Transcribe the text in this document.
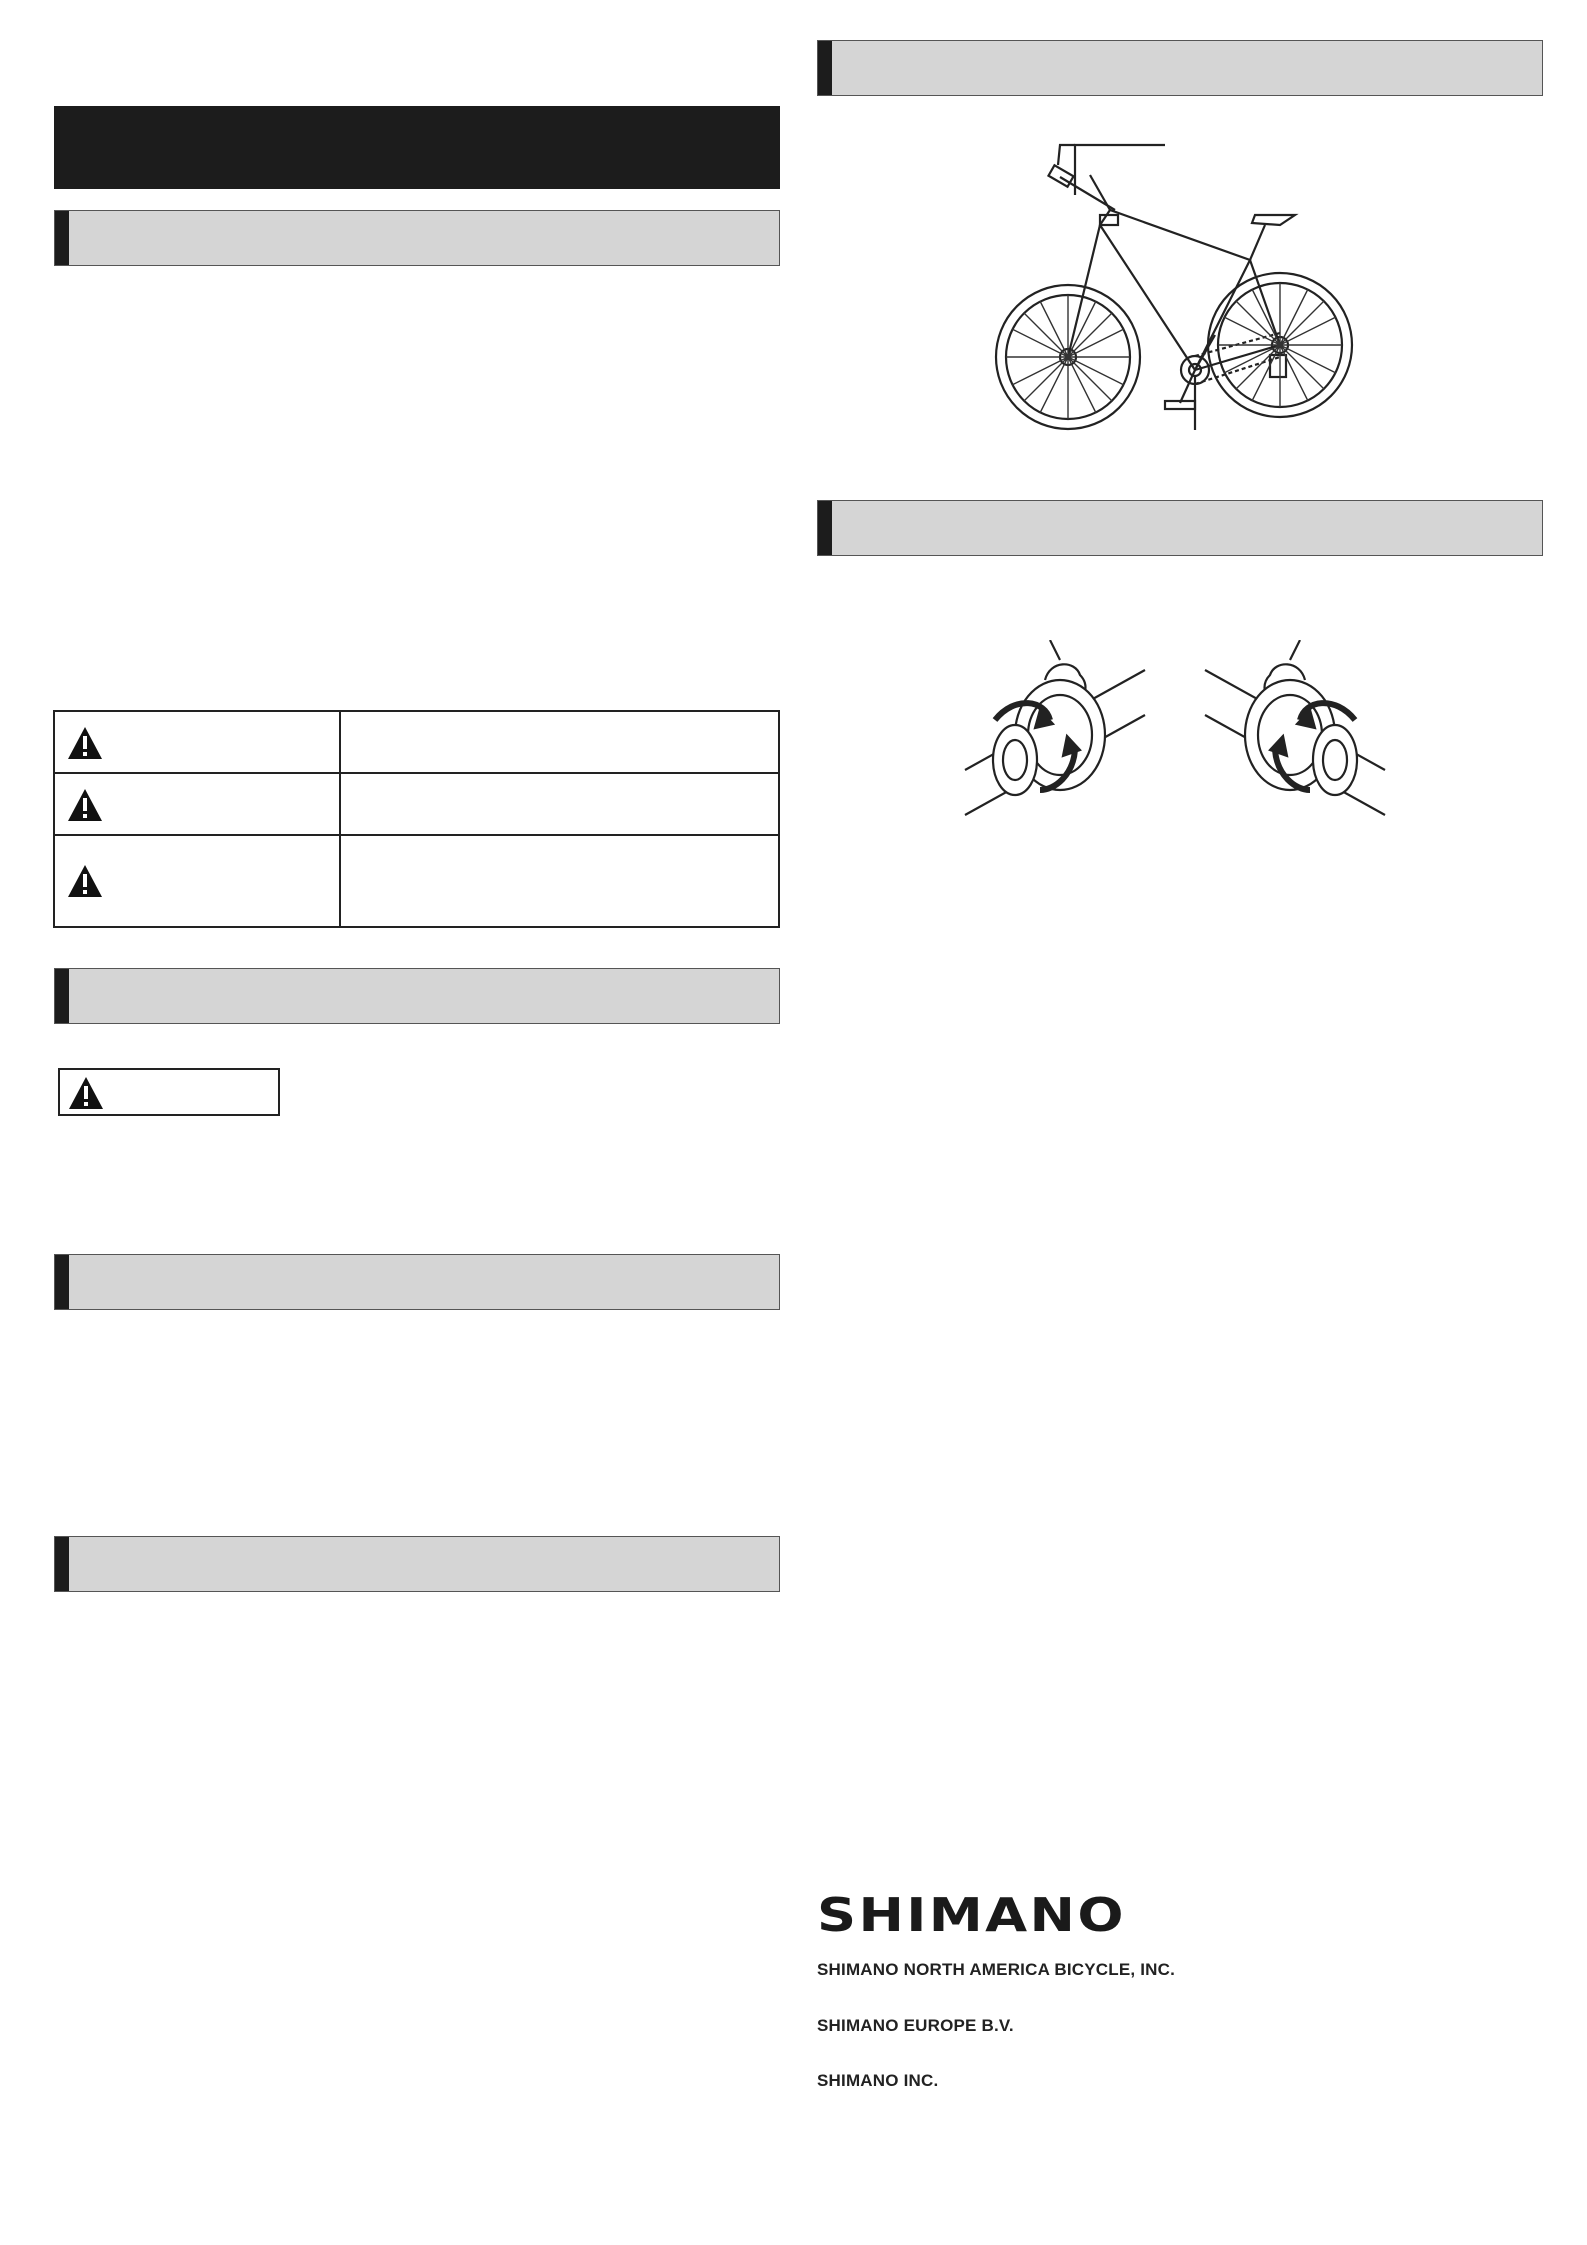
SHIMANO
SHIMANO NORTH AMERICA BICYCLE, INC.
SHIMANO EUROPE B.V.
SHIMANO INC.
